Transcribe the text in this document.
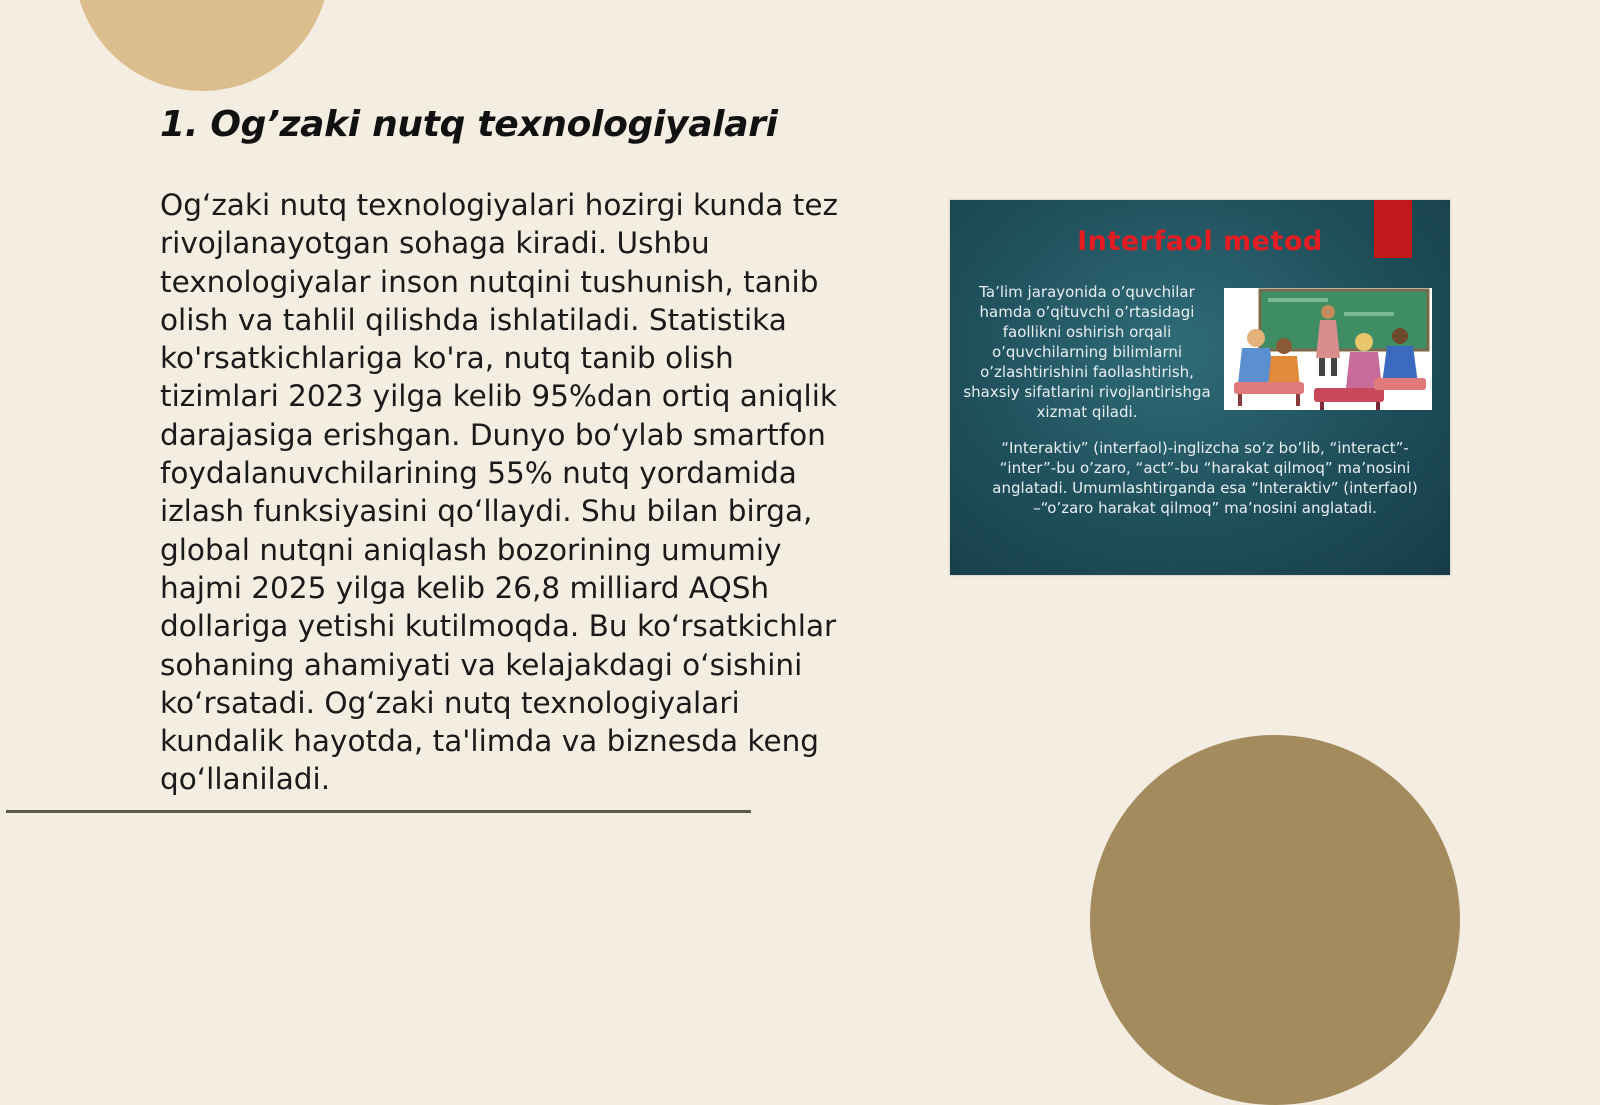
1. Og’zaki nutq texnologiyalari

Og‘zaki nutq texnologiyalari hozirgi kunda tez rivojlanayotgan sohaga kiradi. Ushbu texnologiyalar inson nutqini tushunish, tanib olish va tahlil qilishda ishlatiladi. Statistika ko'rsatkichlariga ko'ra, nutq tanib olish tizimlari 2023 yilga kelib 95%dan ortiq aniqlik darajasiga erishgan. Dunyo bo‘ylab smartfon foydalanuvchilarining 55% nutq yordamida izlash funksiyasini qo‘llaydi. Shu bilan birga, global nutqni aniqlash bozorining umumiy hajmi 2025 yilga kelib 26,8 milliard AQSh dollariga yetishi kutilmoqda. Bu ko‘rsatkichlar sohaning ahamiyati va kelajakdagi o‘sishini ko‘rsatadi. Og‘zaki nutq texnologiyalari kundalik hayotda, ta'limda va biznesda keng qo‘llaniladi.

Interfaol metod

Ta’lim jarayonida o’quvchilar hamda o’qituvchi o’rtasidagi faollikni oshirish orqali o’quvchilarning bilimlarni o’zlashtirishini faollashtirish, shaxsiy sifatlarini rivojlantirishga xizmat qiladi.

“Interaktiv” (interfaol)-inglizcha so’z bo’lib, “interact”- “inter”-bu o’zaro, “act”-bu “harakat qilmoq” ma’nosini anglatadi. Umumlashtirganda esa “Interaktiv” (interfaol) –“o’zaro harakat qilmoq” ma’nosini anglatadi.
